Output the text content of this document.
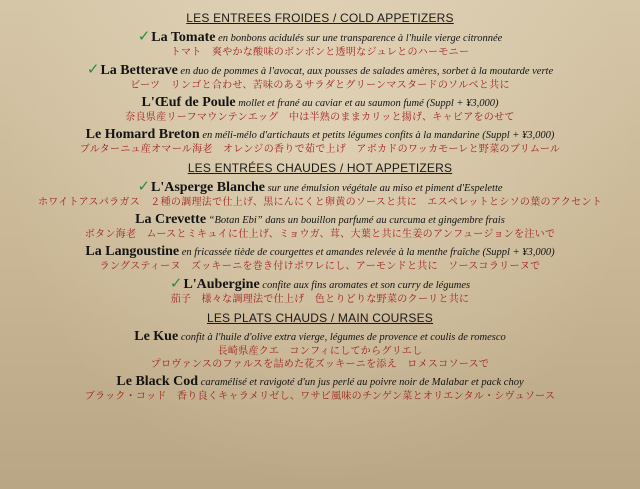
LES ENTREES FROIDES / COLD APPETIZERS
✓La Tomate en bonbons acidulés sur une transparence à l'huile vierge citronnée
トマト　爽やかな酸味のボンボンと透明なジュレとのハーモニー
✓La Betterave en duo de pommes à l'avocat, aux pousses de salades amères, sorbet à la moutarde verte
ビーツ　リンゴと合わせ、苦味のあるサラダとグリーンマスタードのソルベと共に
L'Œuf de Poule mollet et frané au caviar et au saumon fumé (Suppl + ¥3,000)
奈良県産リーフマウンテンエッグ　中は半熟のままカリッと揚げ、キャビアをのせて
Le Homard Breton en méli-mélo d'artichauts et petits légumes confits à la mandarine (Suppl + ¥3,000)
ブルターニュ産オマール海老　オレンジの香りで茹で上げ　アボカドのワッカモーレと野菜のブリムール
LES ENTRÉES CHAUDES / HOT APPETIZERS
✓L'Asperge Blanche sur une émulsion végétale au miso et piment d'Espelette
ホワイトアスパラガス　２種の調理法で仕上げ、黒にんにくと卵黄のソースと共に　エスペレットとシソの葉のアクセント
La Crevette “Botan Ebi” dans un bouillon parfumé au curcuma et gingembre frais
ボタン海老　ムースとミキュイに仕上げ、ミョウガ、茸、大葉と共に生姜のアンフュージョンを注いで
La Langoustine en fricassée tiède de courgettes et amandes relevée à la menthe fraîche (Suppl + ¥3,000)
ラングスティーヌ　ズッキーニを巻き付けポワレにし、アーモンドと共に　ソースコラリーヌで
✓L'Aubergine confite aux fins aromates et son curry de légumes
茄子　様々な調理法で仕上げ　色とりどりな野菜のクーリと共に
LES PLATS CHAUDS / MAIN COURSES
Le Kue confit à l'huile d'olive extra vierge, légumes de provence et coulis de romesco
長崎県産クエ　コンフィにしてからグリエし
プロヴァンスのファルスを詰めた花ズッキーニを添え　ロメスコソースで
Le Black Cod caramélisé et ravigoté d'un jus perlé au poivre noir de Malabar et pack choy
ブラック・コッド　香り良くキャラメリゼし、ワサビ風味のチンゲン菜とオリエンタル・シヴュソース
